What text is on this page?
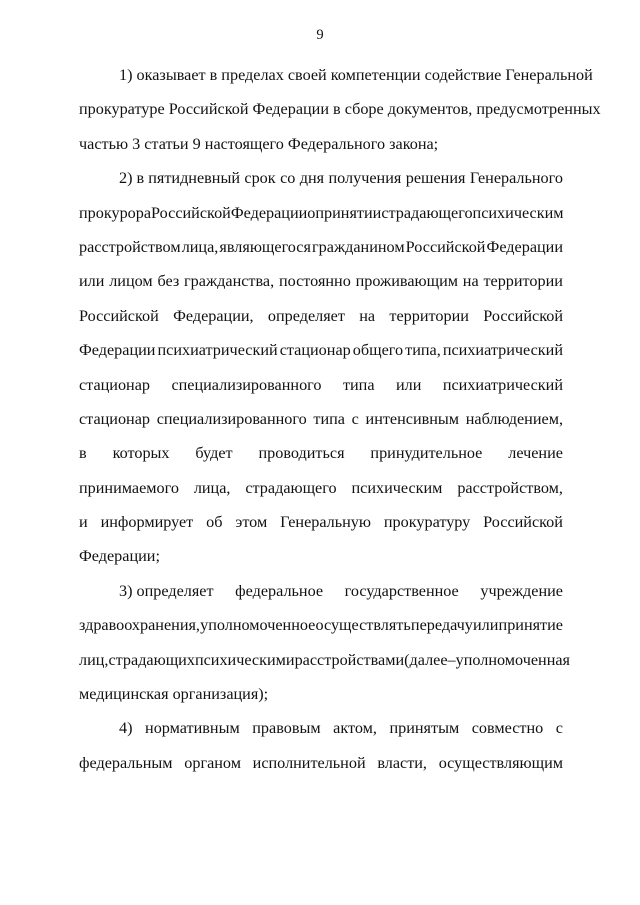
9
1) оказывает в пределах своей компетенции содействие Генеральной
прокуратуре Российской Федерации в сборе документов, предусмотренных
частью 3 статьи 9 настоящего Федерального закона;
2) в пятидневный срок со дня получения решения Генерального
прокурора Российской Федерации о принятии страдающего психическим
расстройством лица, являющегося гражданином Российской Федерации
или лицом без гражданства, постоянно проживающим на территории
Российской Федерации, определяет на территории Российской
Федерации психиатрический стационар общего типа, психиатрический
стационар специализированного типа или психиатрический
стационар специализированного типа с интенсивным наблюдением,
в которых будет проводиться принудительное лечение
принимаемого лица, страдающего психическим расстройством,
и информирует об этом Генеральную прокуратуру Российской
Федерации;
3) определяет федеральное государственное учреждение
здравоохранения, уполномоченное осуществлять передачу или принятие
лиц, страдающих психическими расстройствами (далее – уполномоченная
медицинская организация);
4) нормативным правовым актом, принятым совместно с
федеральным органом исполнительной власти, осуществляющим
